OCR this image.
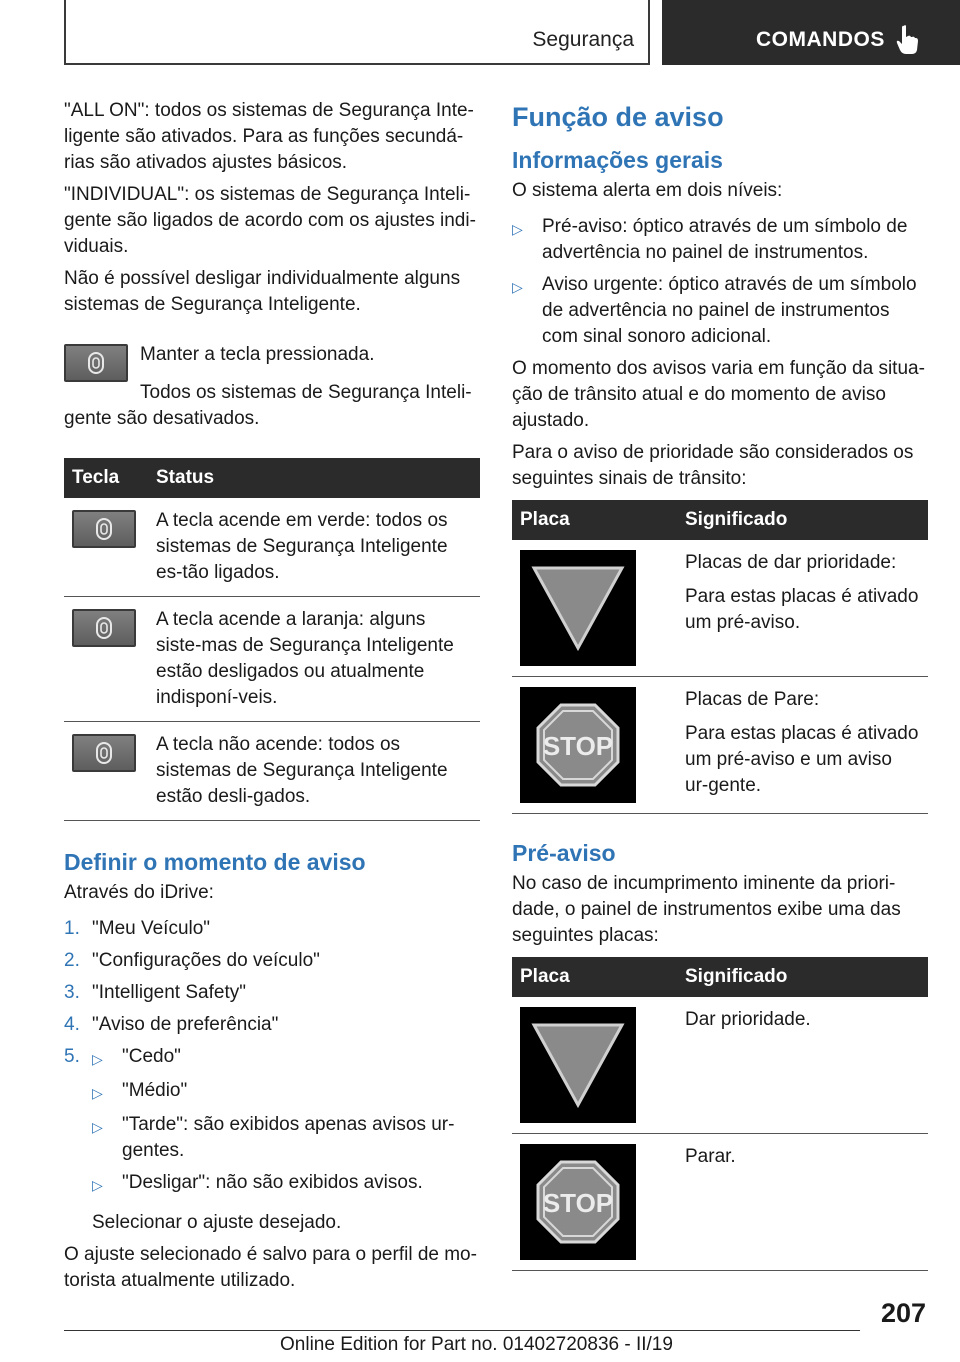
Segurança	COMANDOS

"ALL ON": todos os sistemas de Segurança Inte-ligente são ativados. Para as funções secundá-rias são ativados ajustes básicos.

"INDIVIDUAL": os sistemas de Segurança Inteli-gente são ligados de acordo com os ajustes indi-viduais.

Não é possível desligar individualmente alguns sistemas de Segurança Inteligente.

Manter a tecla pressionada.

Todos os sistemas de Segurança Inteli-gente são desativados.

Tecla	Status

	A tecla acende em verde: todos os sistemas de Segurança Inteligente es-tão ligados.

	A tecla acende a laranja: alguns siste-mas de Segurança Inteligente estão desligados ou atualmente indisponí-veis.

	A tecla não acende: todos os sistemas de Segurança Inteligente estão desli-gados.
Definir o momento de aviso

Através do iDrive:

1. "Meu Veículo"
2. "Configurações do veículo"
3. "Intelligent Safety"
4. "Aviso de preferência"
5. ▷	"Cedo"
▷	"Médio"
▷	"Tarde": são exibidos apenas avisos ur-gentes.
▷	"Desligar": não são exibidos avisos.

Selecionar o ajuste desejado.

O ajuste selecionado é salvo para o perfil de mo-torista atualmente utilizado.

Função de aviso
Informações gerais

O sistema alerta em dois níveis:

▷	Pré-aviso: óptico através de um símbolo de advertência no painel de instrumentos.
▷	Aviso urgente: óptico através de um símbolo de advertência no painel de instrumentos com sinal sonoro adicional.

O momento dos avisos varia em função da situa-ção de trânsito atual e do momento de aviso ajustado.

Para o aviso de prioridade são considerados os seguintes sinais de trânsito:

Placa	Significado

Placas de dar prioridade:

Para estas placas é ativado um pré-aviso.

STOP	Placas de Pare:

Para estas placas é ativado um pré-aviso e um aviso ur-gente.

Pré-aviso

No caso de incumprimento iminente da priori-dade, o painel de instrumentos exibe uma das seguintes placas:

Placa	Significado

	Dar prioridade.

STOP	Parar.
207
Online Edition for Part no. 01402720836 - II/19
